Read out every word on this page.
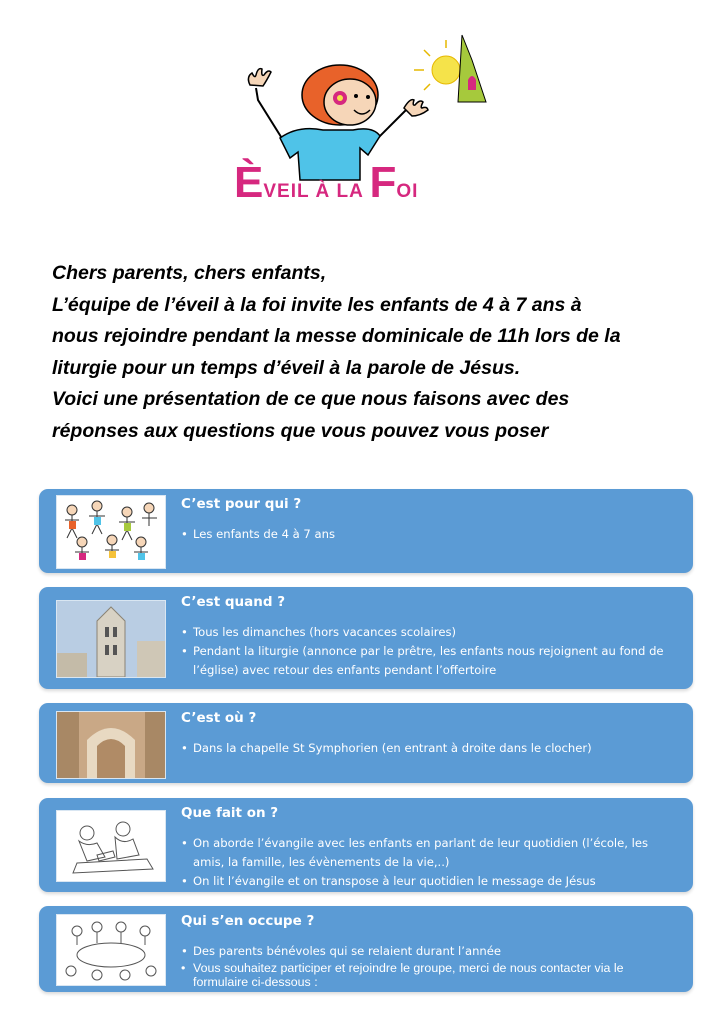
ÈVEIL À LA FOI
Chers parents, chers enfants,
L’équipe de l’éveil à la foi invite les enfants de 4 à 7 ans à
nous rejoindre pendant la messe dominicale de 11h lors de la
liturgie pour un temps d’éveil à la parole de Jésus.
Voici une présentation de ce que nous faisons avec des
réponses aux questions que vous pouvez vous poser
C’est pour qui ?
• Les enfants de 4 à 7 ans
C’est quand ?
• Tous les dimanches (hors vacances scolaires)
• Pendant la liturgie (annonce par le prêtre, les enfants nous rejoignent au fond de
l’église) avec retour des enfants pendant l’offertoire
C’est où ?
• Dans la chapelle St Symphorien (en entrant à droite dans le clocher)
Que fait on ?
• On aborde l’évangile avec les enfants en parlant de leur quotidien (l’école, les
amis, la famille, les évènements de la vie,..)
• On lit l’évangile et on transpose à leur quotidien le message de Jésus
Qui s’en occupe ?
• Des parents bénévoles qui se relaient durant l’année
• Vous souhaitez participer et rejoindre le groupe, merci de nous contacter via le
formulaire ci-dessous :
